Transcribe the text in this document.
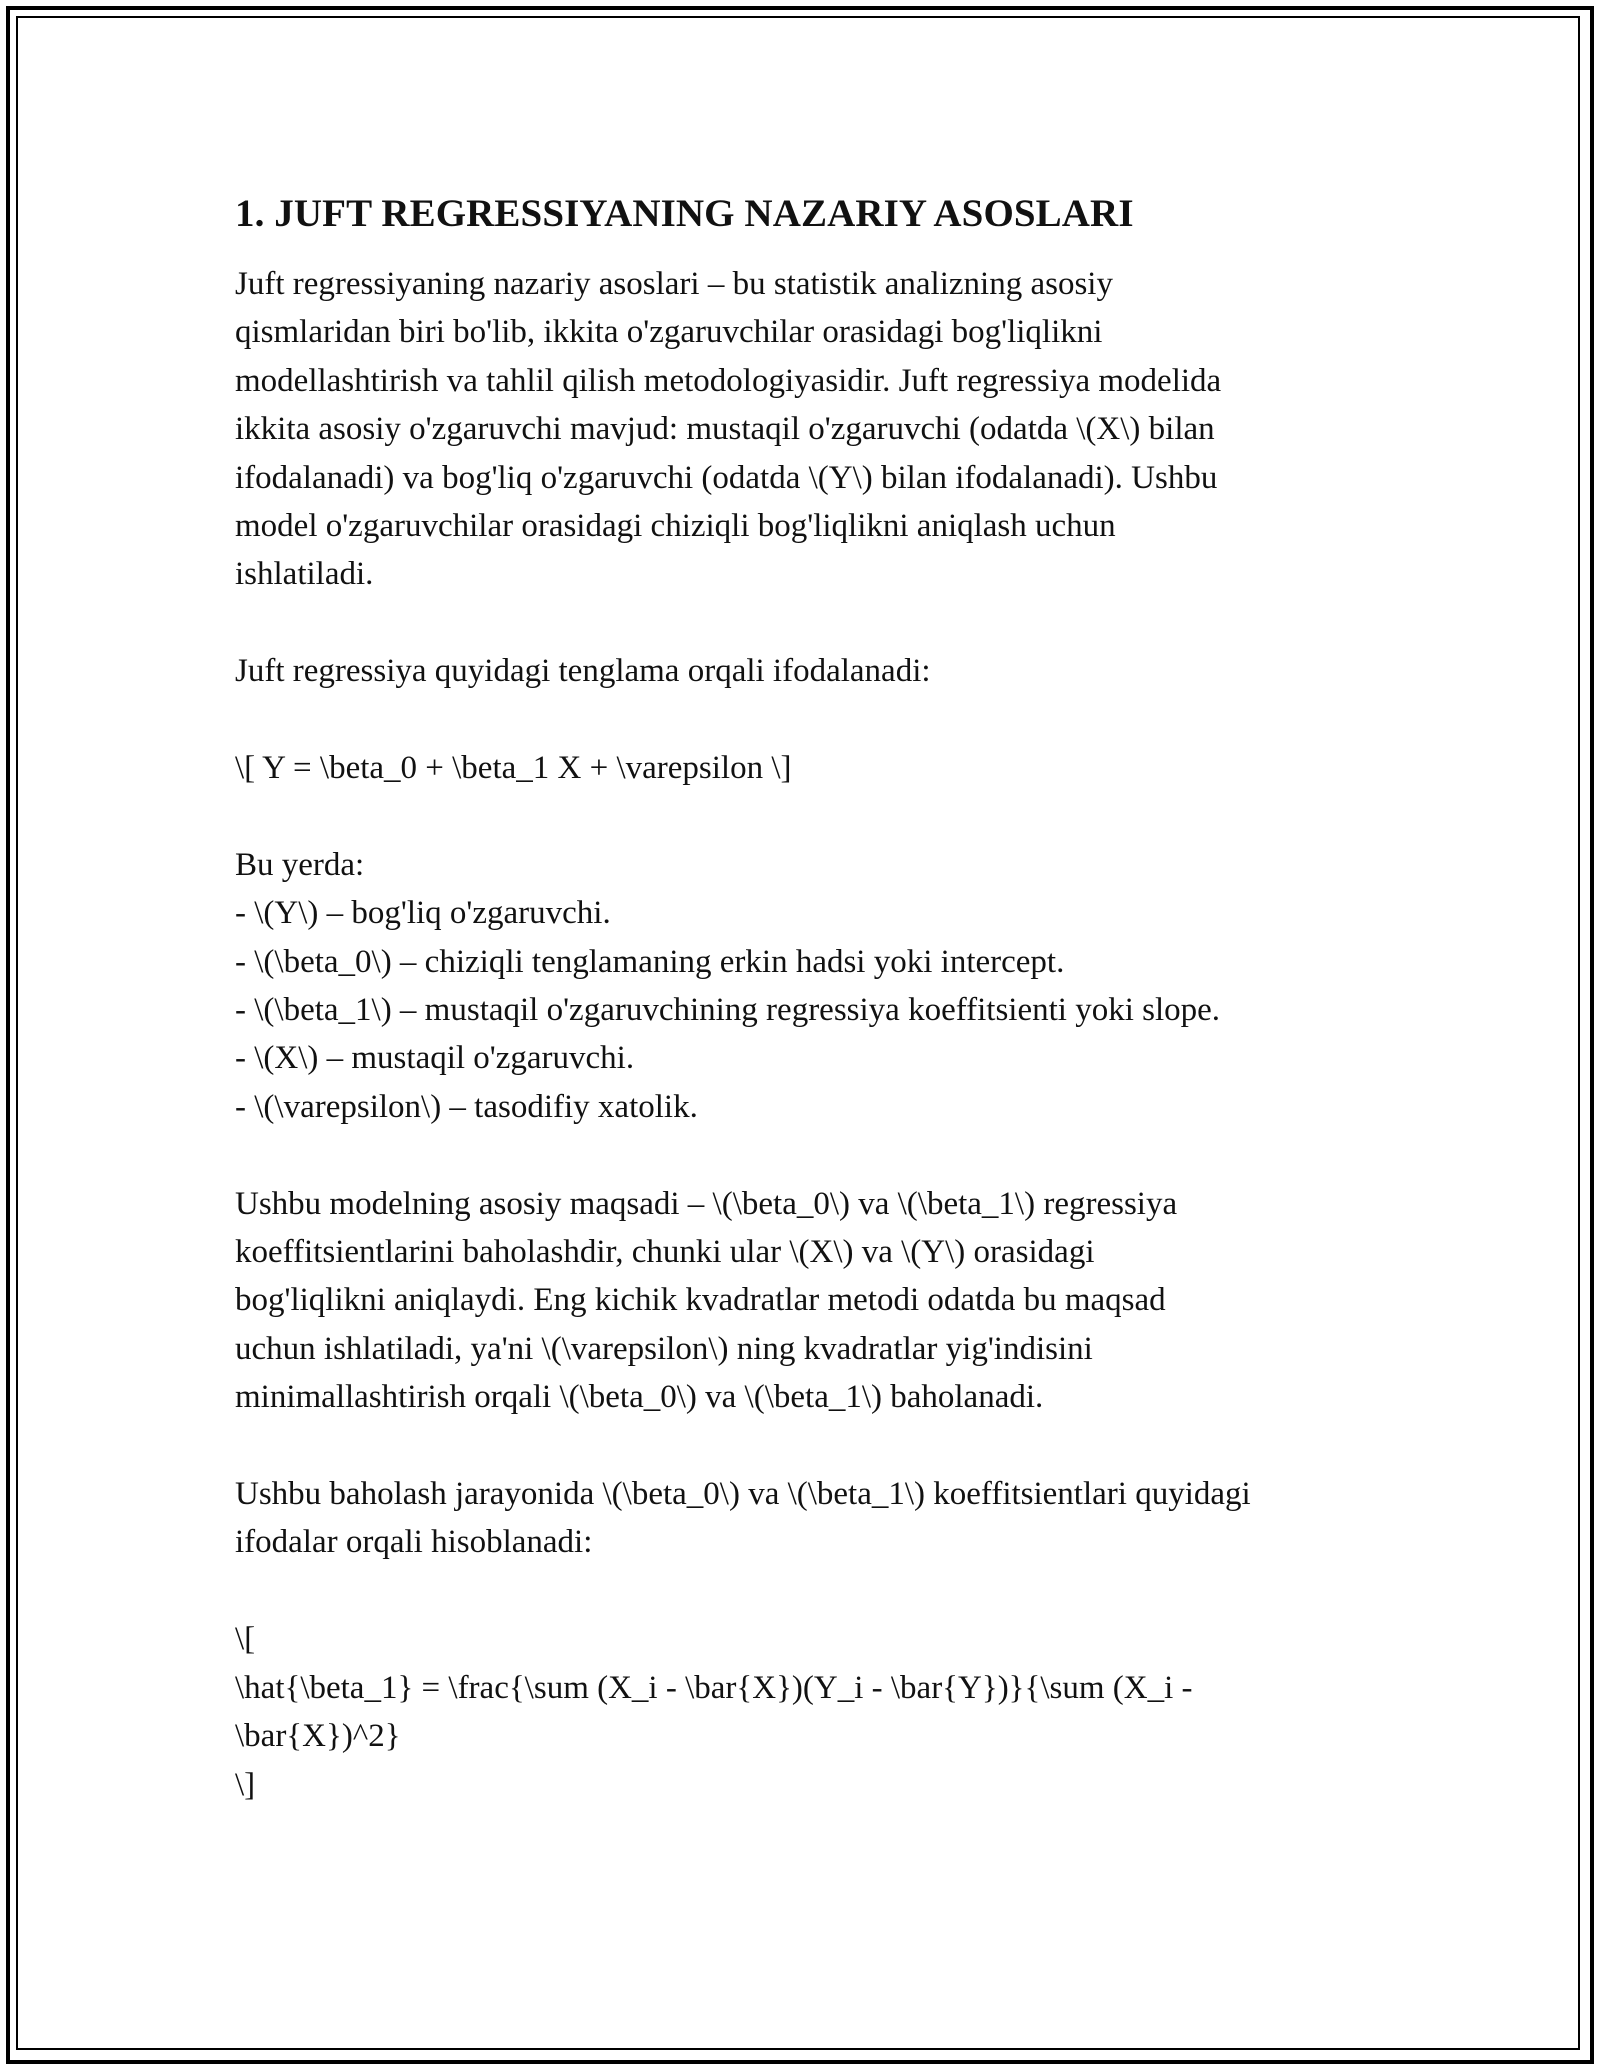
1. JUFT REGRESSIYANING NAZARIY ASOSLARI
Juft regressiyaning nazariy asoslari – bu statistik analizning asosiy
qismlaridan biri bo'lib, ikkita o'zgaruvchilar orasidagi bog'liqlikni
modellashtirish va tahlil qilish metodologiyasidir. Juft regressiya modelida
ikkita asosiy o'zgaruvchi mavjud: mustaqil o'zgaruvchi (odatda \(X\) bilan
ifodalanadi) va bog'liq o'zgaruvchi (odatda \(Y\) bilan ifodalanadi). Ushbu
model o'zgaruvchilar orasidagi chiziqli bog'liqlikni aniqlash uchun
ishlatiladi.
Juft regressiya quyidagi tenglama orqali ifodalanadi:
\[ Y = \beta_0 + \beta_1 X + \varepsilon \]
Bu yerda:
- \(Y\) – bog'liq o'zgaruvchi.
- \(\beta_0\) – chiziqli tenglamaning erkin hadsi yoki intercept.
- \(\beta_1\) – mustaqil o'zgaruvchining regressiya koeffitsienti yoki slope.
- \(X\) – mustaqil o'zgaruvchi.
- \(\varepsilon\) – tasodifiy xatolik.
Ushbu modelning asosiy maqsadi – \(\beta_0\) va \(\beta_1\) regressiya
koeffitsientlarini baholashdir, chunki ular \(X\) va \(Y\) orasidagi
bog'liqlikni aniqlaydi. Eng kichik kvadratlar metodi odatda bu maqsad
uchun ishlatiladi, ya'ni \(\varepsilon\) ning kvadratlar yig'indisini
minimallashtirish orqali \(\beta_0\) va \(\beta_1\) baholanadi.
Ushbu baholash jarayonida \(\beta_0\) va \(\beta_1\) koeffitsientlari quyidagi
ifodalar orqali hisoblanadi:
\[
\hat{\beta_1} = \frac{\sum (X_i - \bar{X})(Y_i - \bar{Y})}{\sum (X_i -
\bar{X})^2}
\]
